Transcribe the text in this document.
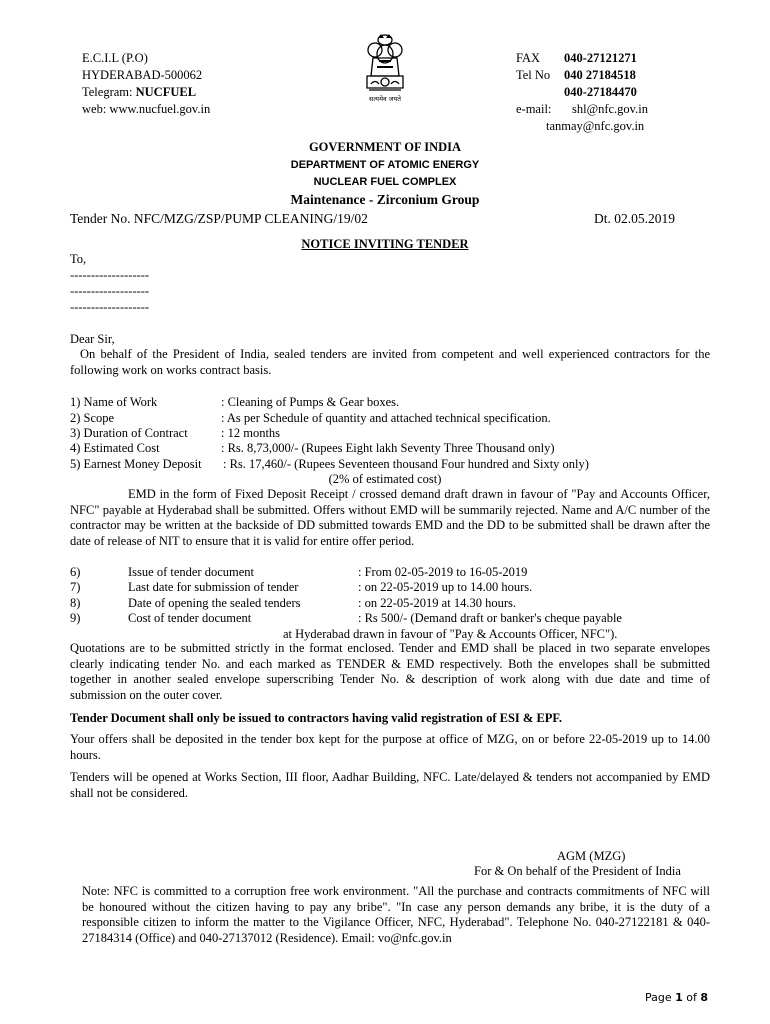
E.C.I.L (P.O)
HYDERABAD-500062
Telegram: NUCFUEL
web: www.nucfuel.gov.in
सत्यमेव जयते
FAX 040-27121271
Tel No 040 27184518
040-27184470
e-mail: shl@nfc.gov.in
tanmay@nfc.gov.in
GOVERNMENT OF INDIA
DEPARTMENT OF ATOMIC ENERGY
NUCLEAR FUEL COMPLEX
Maintenance - Zirconium Group
Tender No. NFC/MZG/ZSP/PUMP CLEANING/19/02	Dt. 02.05.2019
NOTICE INVITING TENDER
To,
-------------------
-------------------
-------------------
Dear Sir,
On behalf of the President of India, sealed tenders are invited from competent and well experienced contractors for the following work on works contract basis.
1) Name of Work	: Cleaning of Pumps & Gear boxes.
2) Scope	: As per Schedule of quantity and attached technical specification.
3) Duration of Contract	: 12 months
4) Estimated Cost	: Rs. 8,73,000/- (Rupees Eight lakh Seventy Three Thousand only)
5) Earnest Money Deposit : Rs. 17,460/- (Rupees Seventeen thousand Four hundred and Sixty only)
(2% of estimated cost)
EMD in the form of Fixed Deposit Receipt / crossed demand draft drawn in favour of "Pay and Accounts Officer, NFC" payable at Hyderabad shall be submitted. Offers without EMD will be summarily rejected. Name and A/C number of the contractor may be written at the backside of DD submitted towards EMD and the DD to be submitted shall be drawn after the date of release of NIT to ensure that it is valid for entire offer period.
6)	Issue of tender document	: From 02-05-2019 to 16-05-2019
7)	Last date for submission of tender	: on 22-05-2019 up to 14.00 hours.
8)	Date of opening the sealed tenders	: on 22-05-2019 at 14.30 hours.
9)	Cost of tender document	: Rs 500/- (Demand draft or banker's cheque payable
at Hyderabad drawn in favour of "Pay & Accounts Officer, NFC").
Quotations are to be submitted strictly in the format enclosed. Tender and EMD shall be placed in two separate envelopes clearly indicating tender No. and each marked as TENDER & EMD respectively. Both the envelopes shall be submitted together in another sealed envelope superscribing Tender No. & description of work along with due date and time of submission on the outer cover.
Tender Document shall only be issued to contractors having valid registration of ESI & EPF.
Your offers shall be deposited in the tender box kept for the purpose at office of MZG, on or before 22-05-2019 up to 14.00 hours.
Tenders will be opened at Works Section, III floor, Aadhar Building, NFC. Late/delayed & tenders not accompanied by EMD shall not be considered.
AGM (MZG)
For & On behalf of the President of India
Note: NFC is committed to a corruption free work environment. "All the purchase and contracts commitments of NFC will be honoured without the citizen having to pay any bribe". "In case any person demands any bribe, it is the duty of a responsible citizen to inform the matter to the Vigilance Officer, NFC, Hyderabad". Telephone No. 040-27122181 & 040-27184314 (Office) and 040-27137012 (Residence). Email: vo@nfc.gov.in
Page 1 of 8
